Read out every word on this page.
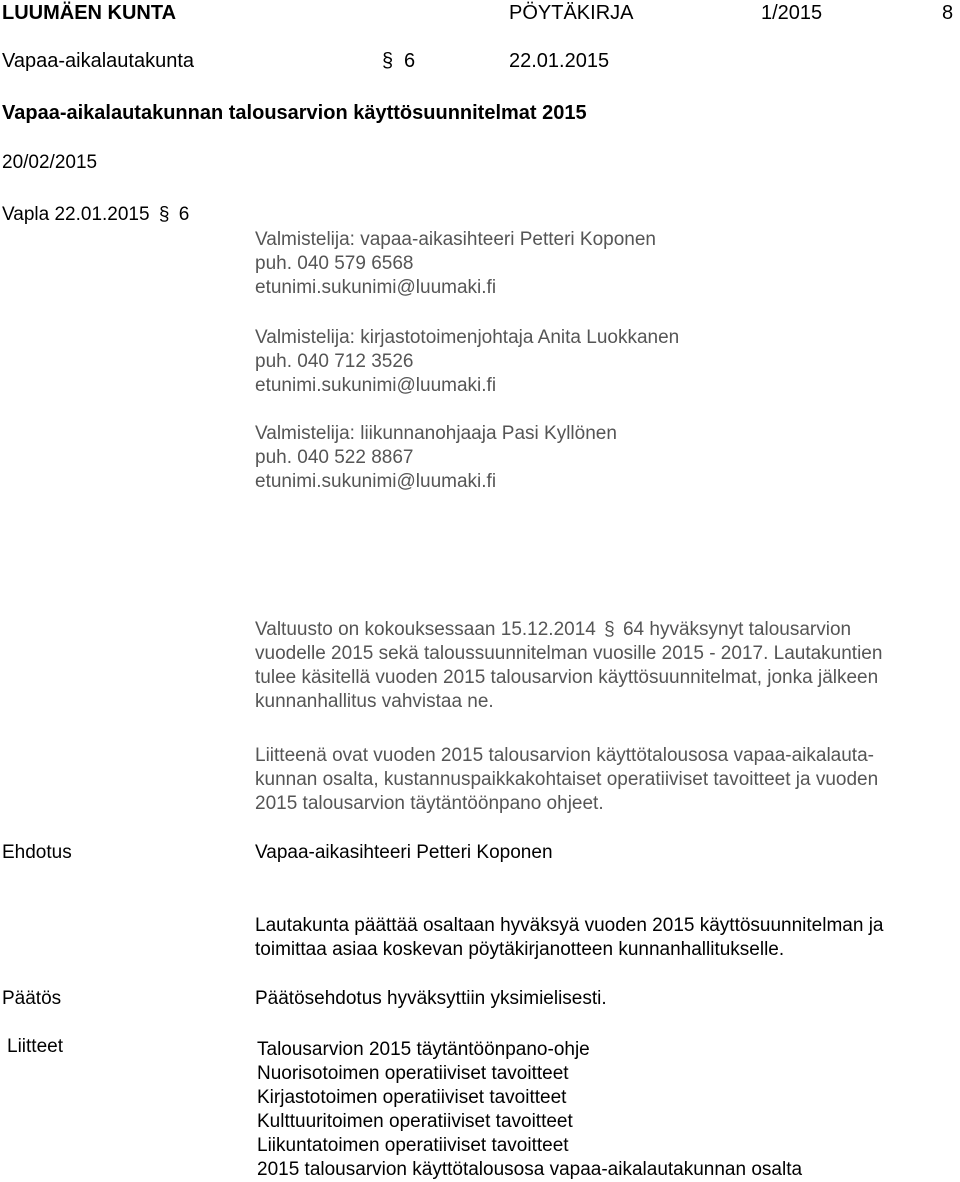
LUUMÄEN KUNTA	PÖYTÄKIRJA	1/2015	8
Vapaa-aikalautakunta	§ 6	22.01.2015
Vapaa-aikalautakunnan talousarvion käyttösuunnitelmat 2015
20/02/2015
Vapla 22.01.2015 § 6
Valmistelija: vapaa-aikasihteeri Petteri Koponen
puh. 040 579 6568
etunimi.sukunimi@luumaki.fi
Valmistelija: kirjastotoimenjohtaja Anita Luokkanen
puh. 040 712 3526
etunimi.sukunimi@luumaki.fi
Valmistelija: liikunnanohjaaja Pasi Kyllönen
puh. 040 522 8867
etunimi.sukunimi@luumaki.fi
Valtuusto on kokouksessaan 15.12.2014 § 64 hyväksynyt talousarvion
vuodelle 2015 sekä taloussuunnitelman vuosille 2015 - 2017. Lautakuntien
tulee käsitellä vuoden 2015 talousarvion käyttösuunnitelmat, jonka jälkeen
kunnanhallitus vahvistaa ne.
Liitteenä ovat vuoden 2015 talousarvion käyttötalousosa vapaa-aikalauta-
kunnan osalta, kustannuspaikkakohtaiset operatiiviset tavoitteet ja vuoden
2015 talousarvion täytäntöönpano ohjeet.
Ehdotus	Vapaa-aikasihteeri Petteri Koponen
Lautakunta päättää osaltaan hyväksyä vuoden 2015 käyttösuunnitelman ja
toimittaa asiaa koskevan pöytäkirjanotteen kunnanhallitukselle.
Päätös	Päätösehdotus hyväksyttiin yksimielisesti.
Liitteet	Talousarvion 2015 täytäntöönpano-ohje
Nuorisotoimen operatiiviset tavoitteet
Kirjastotoimen operatiiviset tavoitteet
Kulttuuritoimen operatiiviset tavoitteet
Liikuntatoimen operatiiviset tavoitteet
2015 talousarvion käyttötalousosa vapaa-aikalautakunnan osalta
